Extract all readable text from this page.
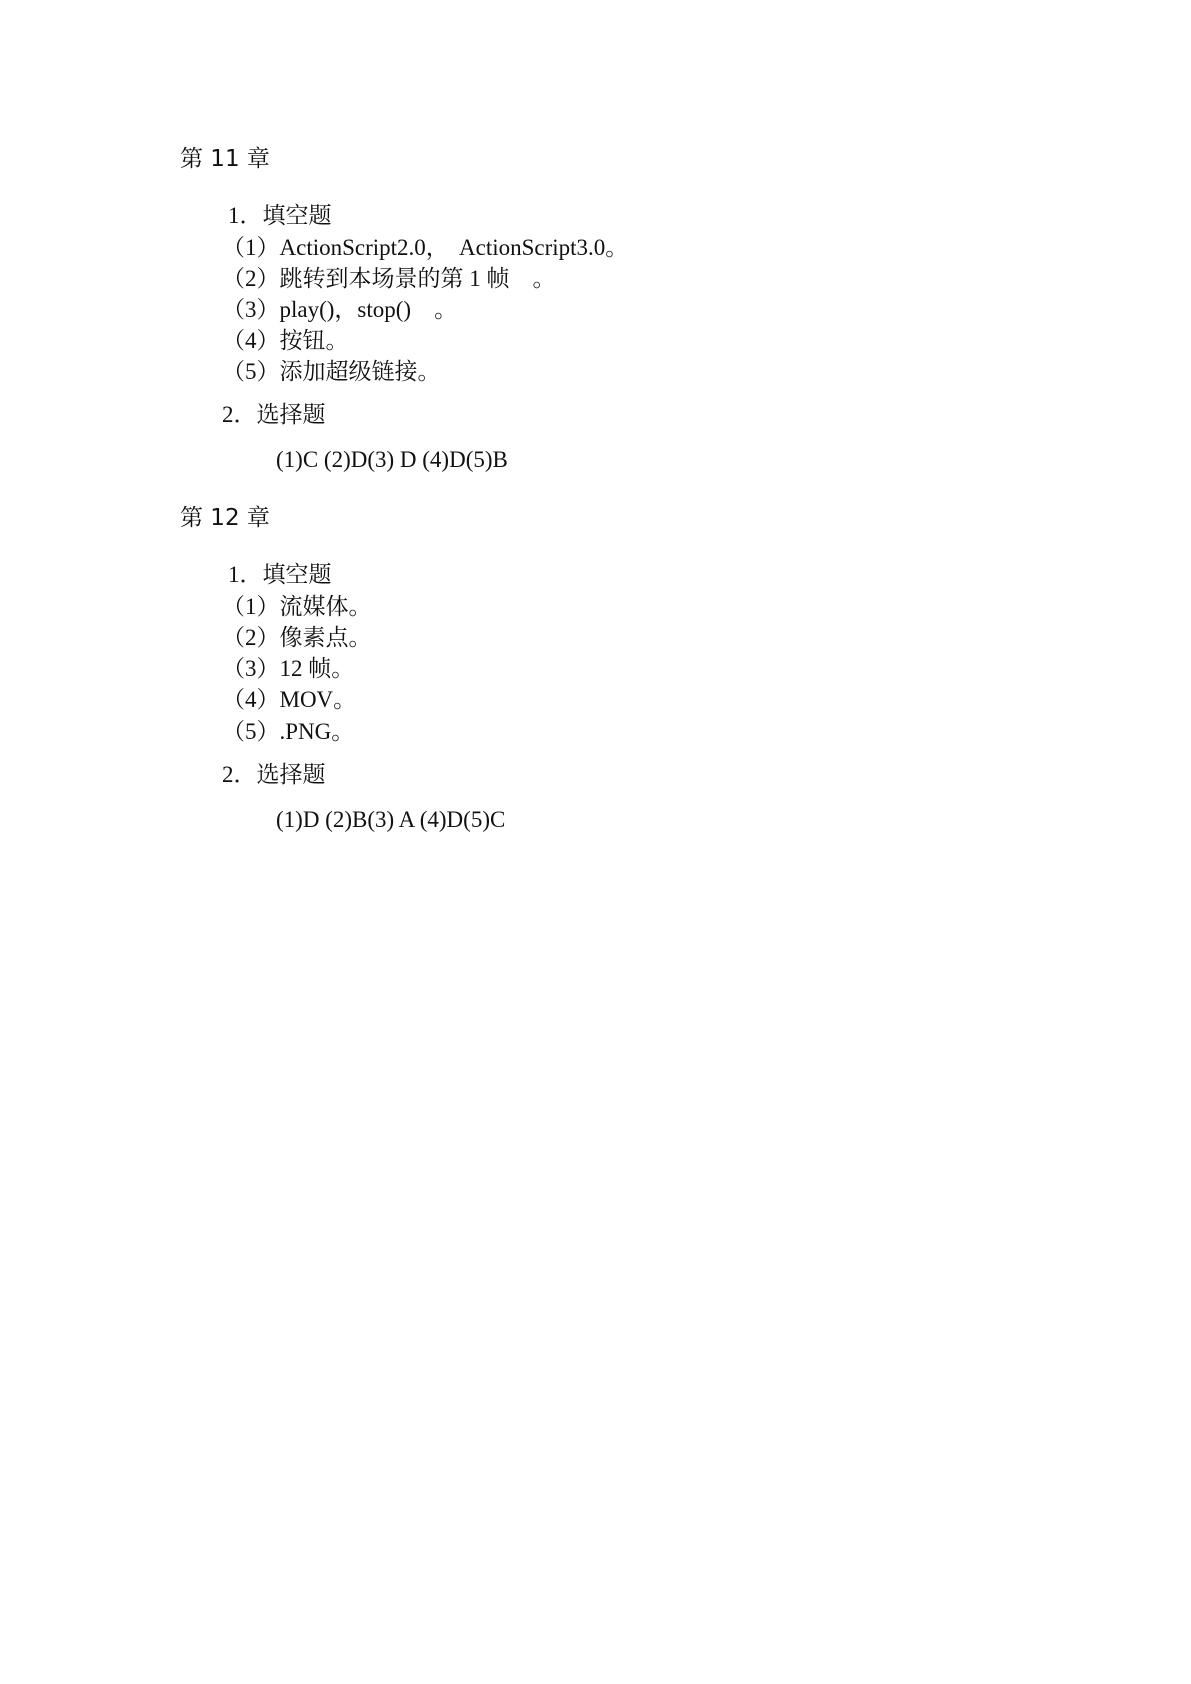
第 11 章

1．填空题

（1）ActionScript2.0，  ActionScript3.0。

（2）跳转到本场景的第 1 帧    。

（3）play()，stop()    。

（4）按钮。

（5）添加超级链接。

2．选择题

(1)C (2)D(3) D (4)D(5)B

第 12 章

1．填空题

（1）流媒体。

（2）像素点。

（3）12 帧。

（4）MOV。

（5）.PNG。

2．选择题

(1)D (2)B(3) A (4)D(5)C
